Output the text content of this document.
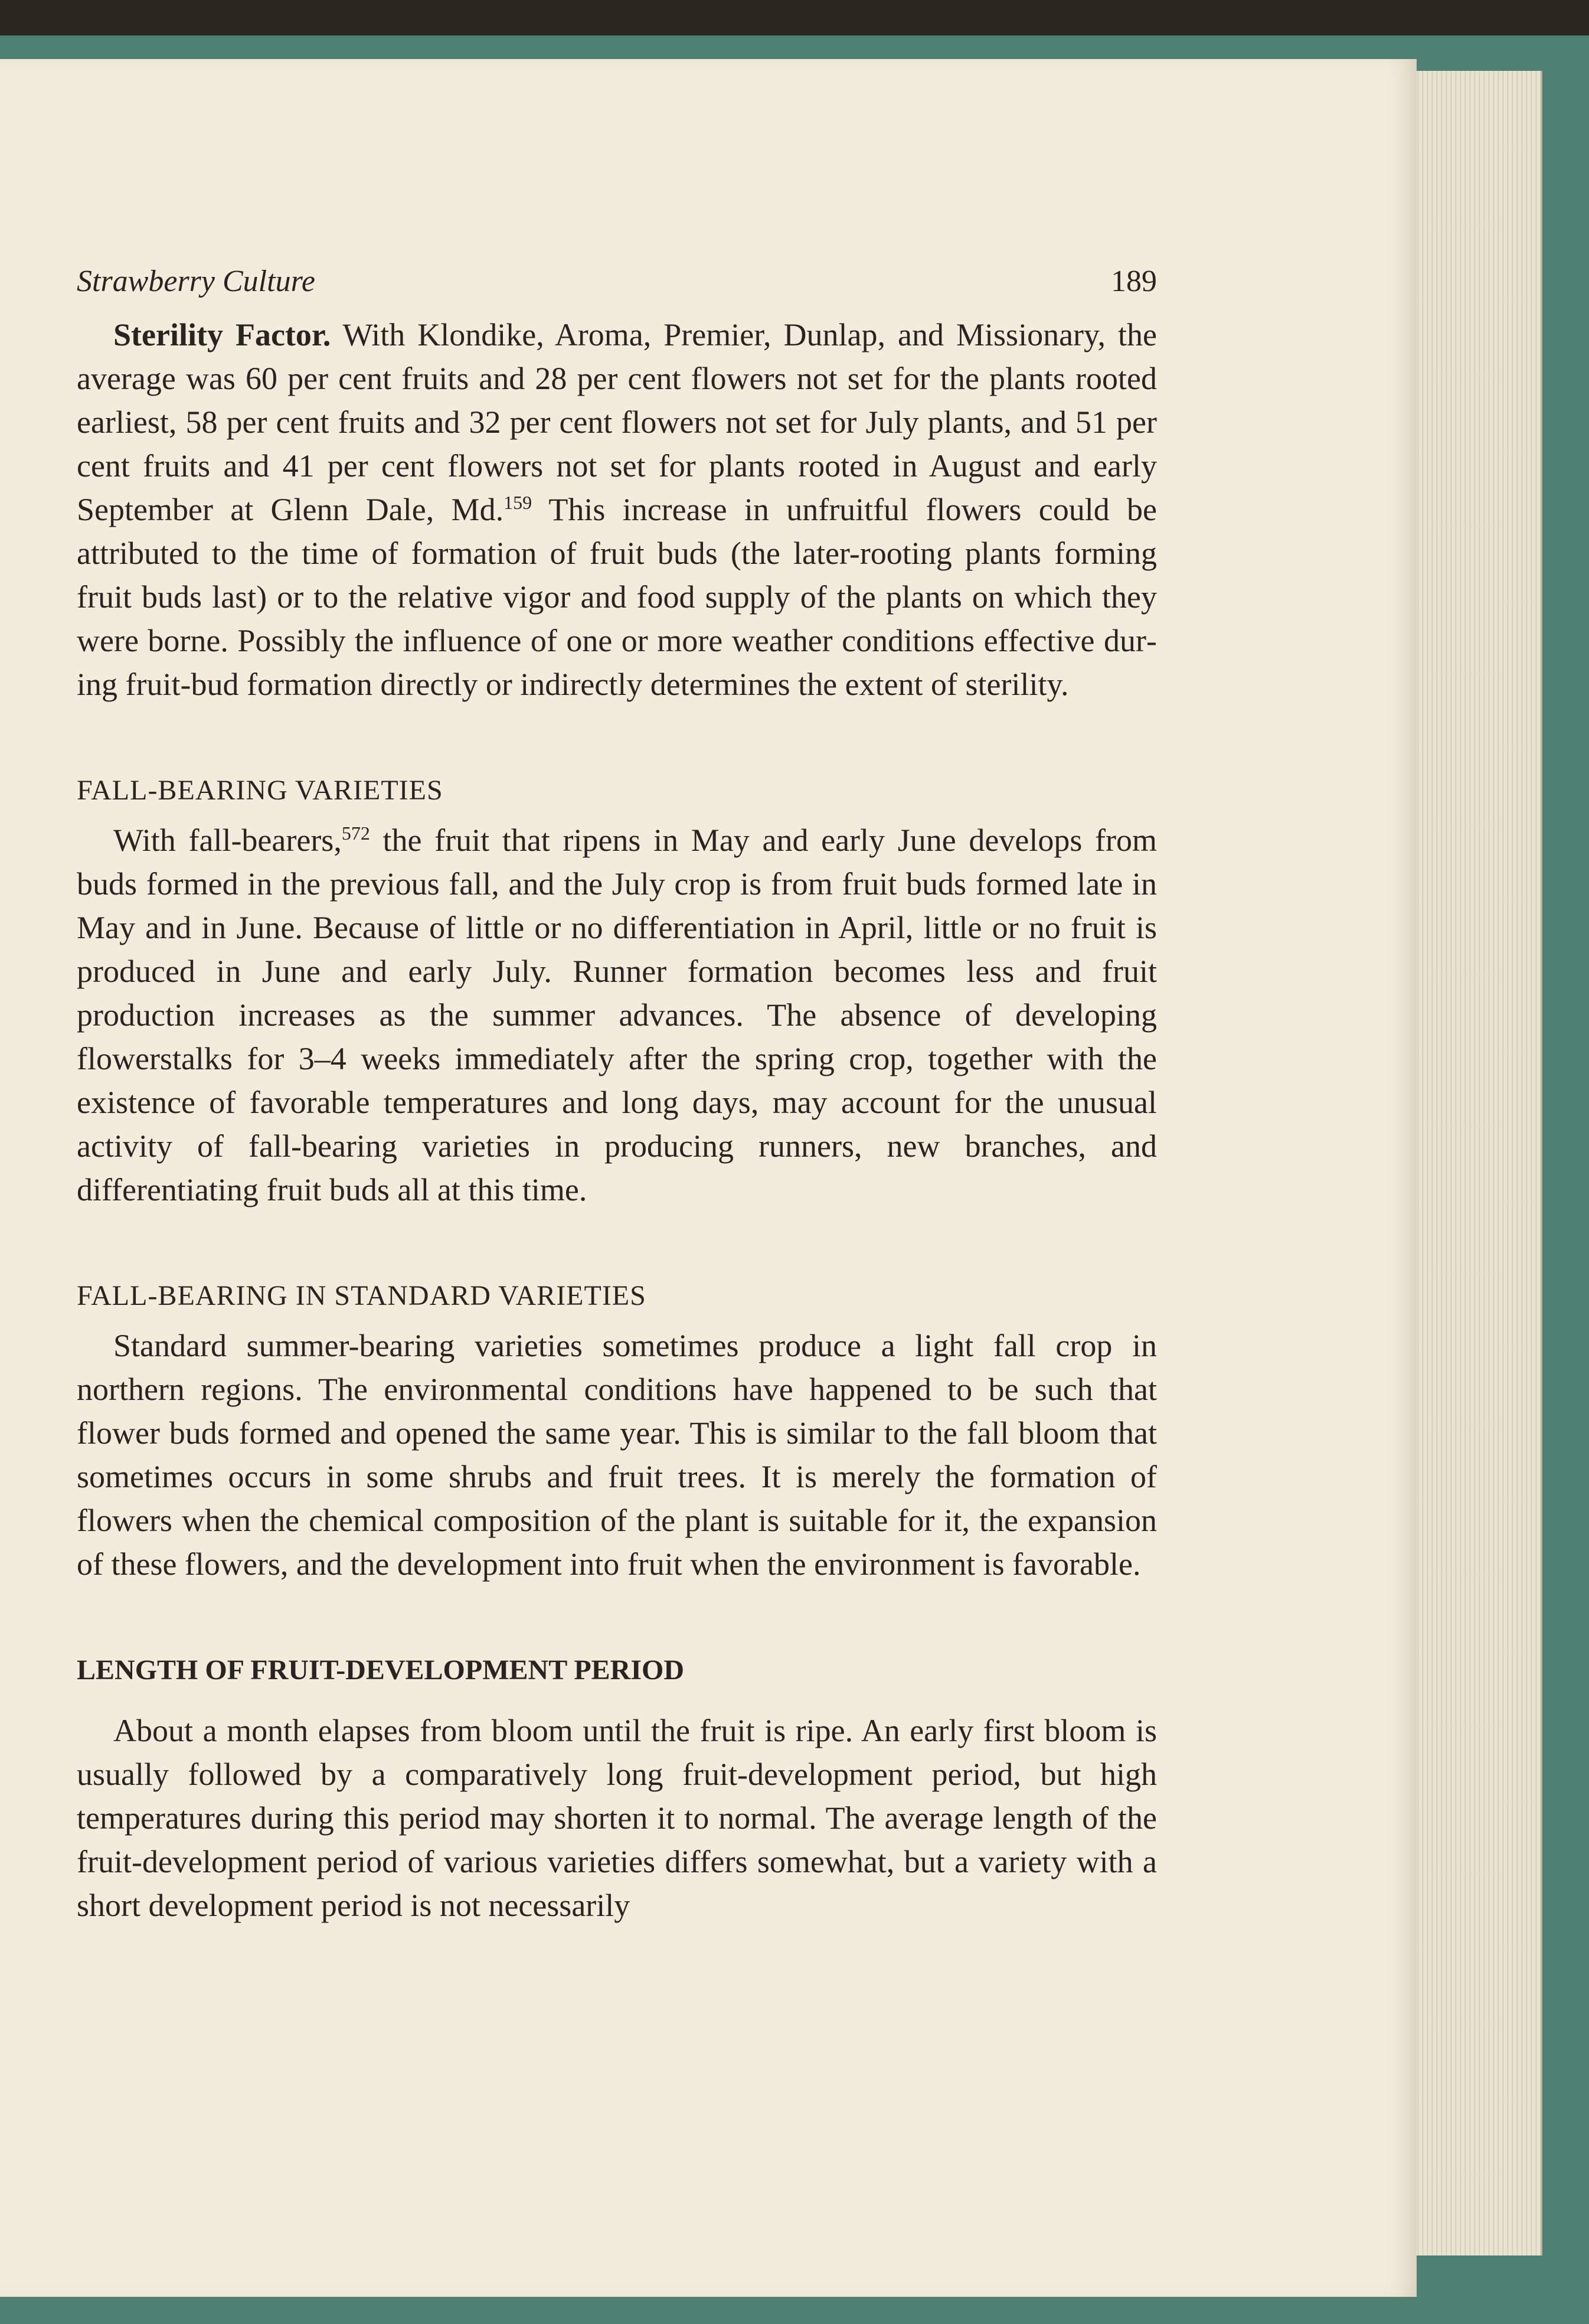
Strawberry Culture	189

Sterility Factor. With Klondike, Aroma, Premier, Dunlap, and Missionary, the average was 60 per cent fruits and 28 per cent flowers not set for the plants rooted earliest, 58 per cent fruits and 32 per cent flowers not set for July plants, and 51 per cent fruits and 41 per cent flowers not set for plants rooted in August and early September at Glenn Dale, Md.$^{159}$ This increase in unfruitful flowers could be attributed to the time of formation of fruit buds (the later-rooting plants forming fruit buds last) or to the relative vigor and food supply of the plants on which they were borne. Possibly the influence of one or more weather conditions effective during fruit-bud formation directly or indirectly determines the extent of sterility.

FALL-BEARING VARIETIES

With fall-bearers,$^{572}$ the fruit that ripens in May and early June develops from buds formed in the previous fall, and the July crop is from fruit buds formed late in May and in June. Because of little or no differentiation in April, little or no fruit is produced in June and early July. Runner formation becomes less and fruit production increases as the summer advances. The absence of developing flowerstalks for 3–4 weeks immediately after the spring crop, together with the existence of favorable temperatures and long days, may account for the unusual activity of fall-bearing varieties in producing runners, new branches, and differentiating fruit buds all at this time.

FALL-BEARING IN STANDARD VARIETIES

Standard summer-bearing varieties sometimes produce a light fall crop in northern regions. The environmental conditions have happened to be such that flower buds formed and opened the same year. This is similar to the fall bloom that sometimes occurs in some shrubs and fruit trees. It is merely the formation of flowers when the chemical composition of the plant is suitable for it, the expansion of these flowers, and the development into fruit when the environment is favorable.

LENGTH OF FRUIT-DEVELOPMENT PERIOD

About a month elapses from bloom until the fruit is ripe. An early first bloom is usually followed by a comparatively long fruit-development period, but high temperatures during this period may shorten it to normal. The average length of the fruit-development period of various varieties differs somewhat, but a variety with a short development period is not necessarily
